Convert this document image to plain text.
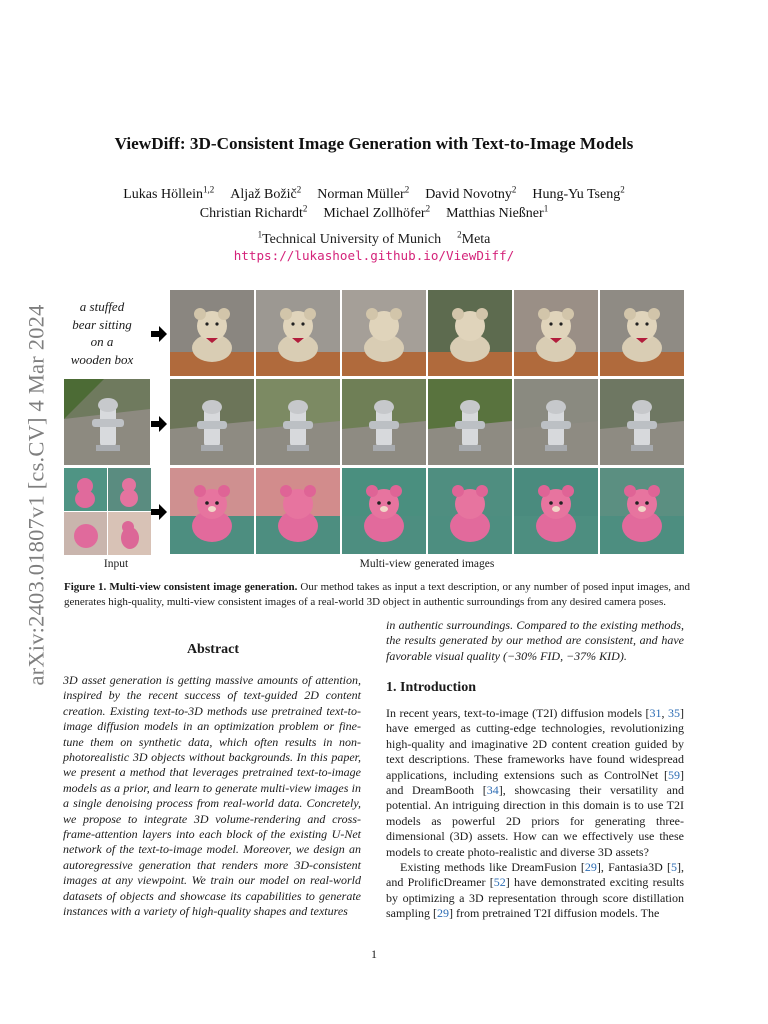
arXiv:2403.01807v1 [cs.CV] 4 Mar 2024
ViewDiff: 3D-Consistent Image Generation with Text-to-Image Models
Lukas Höllein$^{1,2}$ Aljaž Božič$^2$ Norman Müller$^2$ David Novotny$^2$ Hung-Yu Tseng$^2$
Christian Richardt$^2$ Michael Zollhöfer$^2$ Matthias Nießner$^1$
$^1$Technical University of Munich $^2$Meta
https://lukashoel.github.io/ViewDiff/
a stuffed
bear sitting
on a
wooden box
Input	Multi-view generated images
Figure 1. Multi-view consistent image generation. Our method takes as input a text description, or any number of posed input images, and generates high-quality, multi-view consistent images of a real-world 3D object in authentic surroundings from any desired camera poses.
Abstract
3D asset generation is getting massive amounts of attention, inspired by the recent success of text-guided 2D content creation. Existing text-to-3D methods use pretrained text-to-image diffusion models in an optimization problem or fine-tune them on synthetic data, which often results in non-photorealistic 3D objects without backgrounds. In this paper, we present a method that leverages pretrained text-to-image models as a prior, and learn to generate multi-view images in a single denoising process from real-world data. Concretely, we propose to integrate 3D volume-rendering and cross-frame-attention layers into each block of the existing U-Net network of the text-to-image model. Moreover, we design an autoregressive generation that renders more 3D-consistent images at any viewpoint. We train our model on real-world datasets of objects and showcase its capabilities to generate instances with a variety of high-quality shapes and textures
in authentic surroundings. Compared to the existing methods, the results generated by our method are consistent, and have favorable visual quality (−30% FID, −37% KID).
1. Introduction

In recent years, text-to-image (T2I) diffusion models [31, 35] have emerged as cutting-edge technologies, revolutionizing high-quality and imaginative 2D content creation guided by text descriptions. These frameworks have found widespread applications, including extensions such as ControlNet [59] and DreamBooth [34], showcasing their versatility and potential. An intriguing direction in this domain is to use T2I models as powerful 2D priors for generating three-dimensional (3D) assets. How can we effectively use these models to create photo-realistic and diverse 3D assets?

Existing methods like DreamFusion [29], Fantasia3D [5], and ProlificDreamer [52] have demonstrated exciting results by optimizing a 3D representation through score distillation sampling [29] from pretrained T2I diffusion models. The

1
